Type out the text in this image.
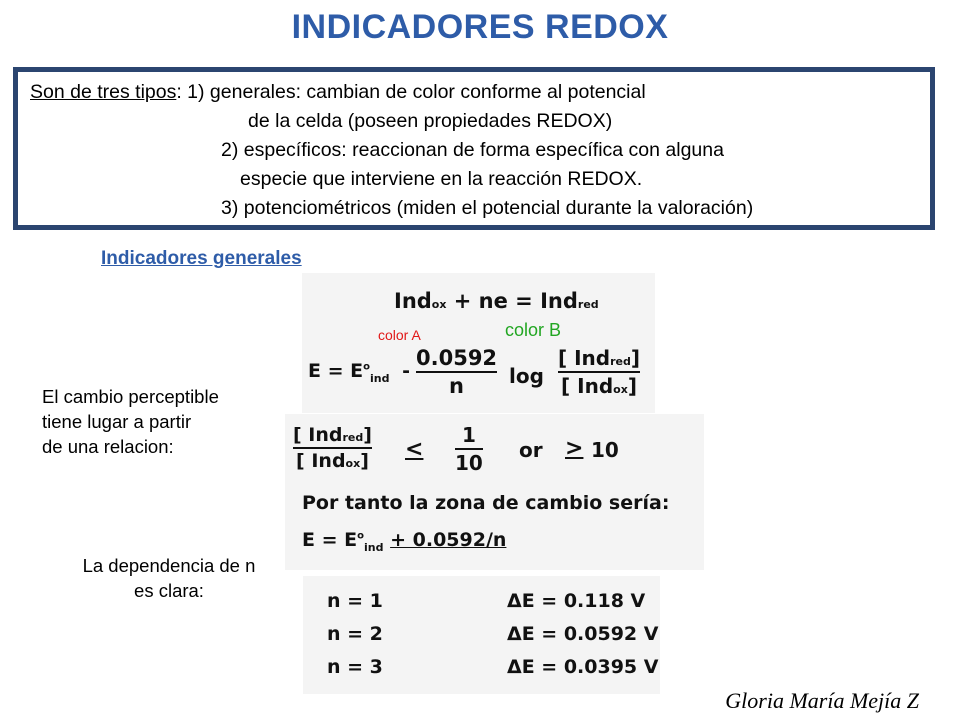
INDICADORES REDOX
Son de tres tipos: 1) generales: cambian de color conforme al potencial
de la celda (poseen propiedades REDOX)
2) específicos: reaccionan de forma específica con alguna
especie que interviene en la reacción REDOX.
3) potenciométricos (miden el potencial durante la valoración)
Indicadores generales
El cambio perceptible
tiene lugar a partir
de una relacion:
La dependencia de n
es clara:
Indox + ne = Indred
color A	color B
$E = E^o_{ind}$ -
0.0592
n log
[ Indred]
[ Indox]
[ Indred]
[ Indox] <
1
10
or > 10
Por tanto la zona de cambio sería:
$E = E^o_{ind} + 0.0592/n$
n = 1	ΔE = 0.118 V
n = 2	ΔE = 0.0592 V
n = 3	ΔE = 0.0395 V
Gloria María Mejía Z
